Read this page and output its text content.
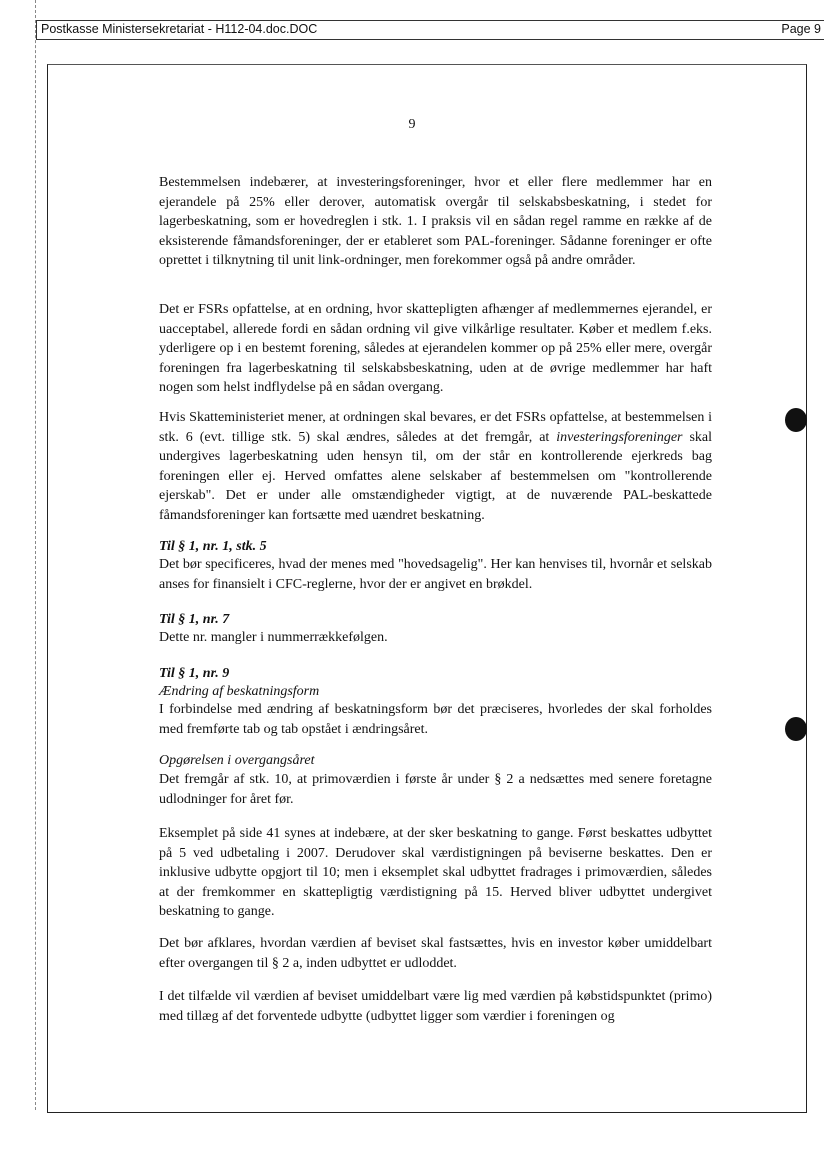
Postkasse Ministersekretariat - H112-04.doc.DOC	Page 9
9

Bestemmelsen indebærer, at investeringsforeninger, hvor et eller flere medlemmer har en ejerandele på 25% eller derover, automatisk overgår til selskabsbeskatning, i stedet for lagerbeskatning, som er hovedreglen i stk. 1. I praksis vil en sådan regel ramme en række af de eksisterende fåmandsforeninger, der er etableret som PAL-foreninger. Sådanne foreninger er ofte oprettet i tilknytning til unit link-ordninger, men forekommer også på andre områder.

Det er FSRs opfattelse, at en ordning, hvor skattepligten afhænger af medlemmernes ejerandel, er uacceptabel, allerede fordi en sådan ordning vil give vilkårlige resultater. Køber et medlem f.eks. yderligere op i en bestemt forening, således at ejerandelen kommer op på 25% eller mere, overgår foreningen fra lagerbeskatning til selskabsbeskatning, uden at de øvrige medlemmer har haft nogen som helst indflydelse på en sådan overgang.

Hvis Skatteministeriet mener, at ordningen skal bevares, er det FSRs opfattelse, at bestemmelsen i stk. 6 (evt. tillige stk. 5) skal ændres, således at det fremgår, at investeringsforeninger skal undergives lagerbeskatning uden hensyn til, om der står en kontrollerende ejerkreds bag foreningen eller ej. Herved omfattes alene selskaber af bestemmelsen om "kontrollerende ejerskab". Det er under alle omstændigheder vigtigt, at de nuværende PAL-beskattede fåmandsforeninger kan fortsætte med uændret beskatning.

Til § 1, nr. 1, stk. 5

Det bør specificeres, hvad der menes med "hovedsagelig". Her kan henvises til, hvornår et selskab anses for finansielt i CFC-reglerne, hvor der er angivet en brøkdel.

Til § 1, nr. 7

Dette nr. mangler i nummerrækkefølgen.

Til § 1, nr. 9

Ændring af beskatningsform

I forbindelse med ændring af beskatningsform bør det præciseres, hvorledes der skal forholdes med fremførte tab og tab opstået i ændringsåret.

Opgørelsen i overgangsåret

Det fremgår af stk. 10, at primoværdien i første år under § 2 a nedsættes med senere foretagne udlodninger for året før.

Eksemplet på side 41 synes at indebære, at der sker beskatning to gange. Først beskattes udbyttet på 5 ved udbetaling i 2007. Derudover skal værdistigningen på beviserne beskattes. Den er inklusive udbytte opgjort til 10; men i eksemplet skal udbyttet fradrages i primoværdien, således at der fremkommer en skattepligtig værdistigning på 15. Herved bliver udbyttet undergivet beskatning to gange.

Det bør afklares, hvordan værdien af beviset skal fastsættes, hvis en investor køber umiddelbart efter overgangen til § 2 a, inden udbyttet er udloddet.

I det tilfælde vil værdien af beviset umiddelbart være lig med værdien på købstidspunktet (primo) med tillæg af det forventede udbytte (udbyttet ligger som værdier i foreningen og
